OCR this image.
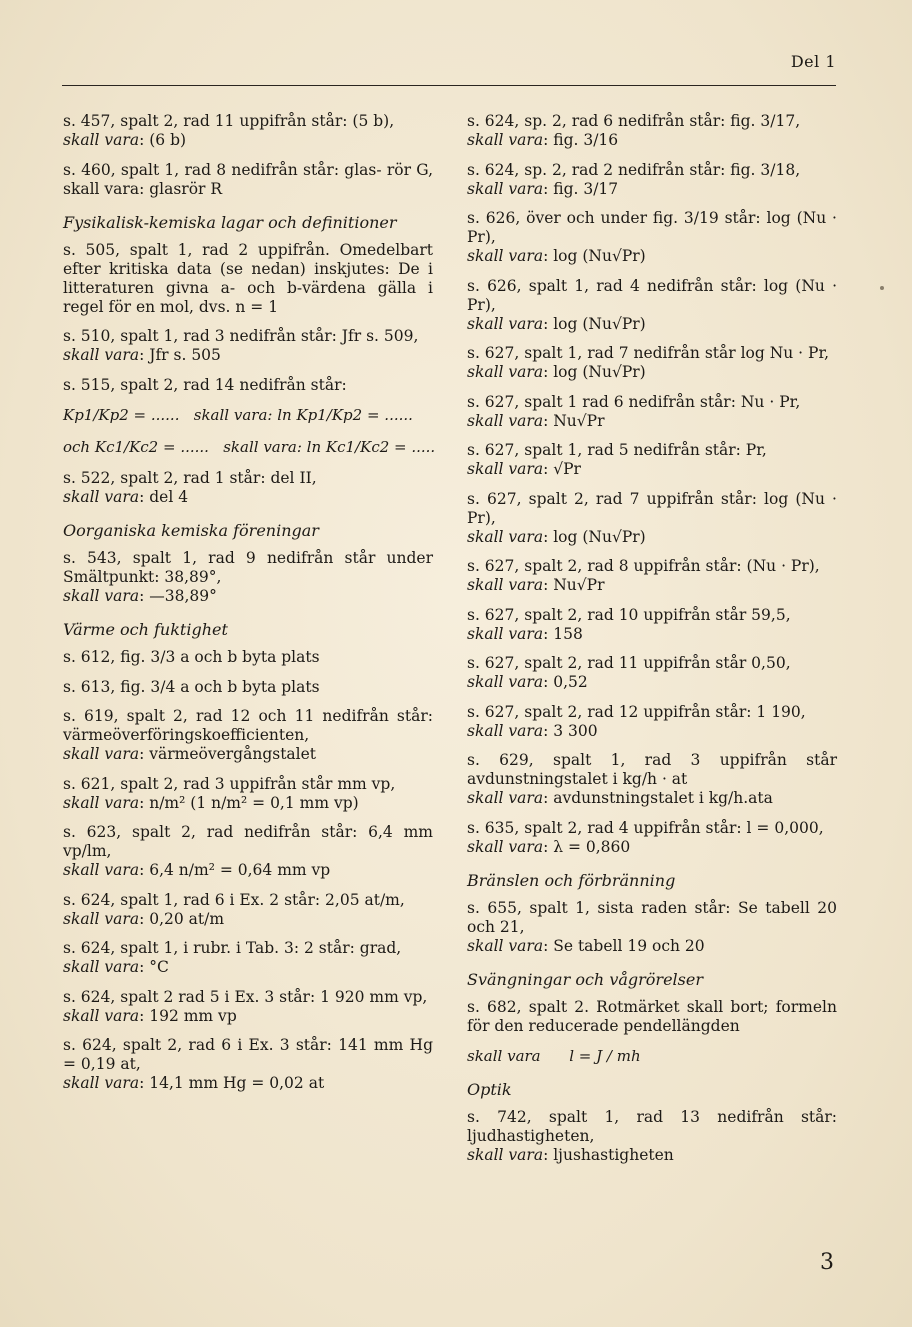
Del 1
s. 457, spalt 2, rad 11 uppifrån står: (5 b),
skall vara: (6 b)
s. 460, spalt 1, rad 8 nedifrån står: glas- rör G, skall vara: glasrör R
Fysikalisk-kemiska lagar och definitioner
s. 505, spalt 1, rad 2 uppifrån. Omedelbart efter kritiska data (se nedan) inskjutes: De i litteraturen givna a- och b-värdena gälla i regel för en mol, dvs. n = 1
s. 510, spalt 1, rad 3 nedifrån står: Jfr s. 509,
skall vara: Jfr s. 505
s. 515, spalt 2, rad 14 nedifrån står:
Kp1/Kp2 = ......   skall vara: ln Kp1/Kp2 = ......
och Kc1/Kc2 = ......   skall vara: ln Kc1/Kc2 = .....
s. 522, spalt 2, rad 1 står: del II,
skall vara: del 4
Oorganiska kemiska föreningar
s. 543, spalt 1, rad 9 nedifrån står under Smältpunkt: 38,89°,
skall vara: —38,89°
Värme och fuktighet
s. 612, fig. 3/3 a och b byta plats
s. 613, fig. 3/4 a och b byta plats
s. 619, spalt 2, rad 12 och 11 nedifrån står: värmeöverföringskoefficienten,
skall vara: värmeövergångstalet
s. 621, spalt 2, rad 3 uppifrån står mm vp,
skall vara: n/m² (1 n/m² = 0,1 mm vp)
s. 623, spalt 2, rad nedifrån står: 6,4 mm vp/lm,
skall vara: 6,4 n/m² = 0,64 mm vp
s. 624, spalt 1, rad 6 i Ex. 2 står: 2,05 at/m,
skall vara: 0,20 at/m
s. 624, spalt 1, i rubr. i Tab. 3: 2 står: grad,
skall vara: °C
s. 624, spalt 2 rad 5 i Ex. 3 står: 1 920 mm vp,
skall vara: 192 mm vp
s. 624, spalt 2, rad 6 i Ex. 3 står: 141 mm Hg = 0,19 at,
skall vara: 14,1 mm Hg = 0,02 at
s. 624, sp. 2, rad 6 nedifrån står: fig. 3/17,
skall vara: fig. 3/16
s. 624, sp. 2, rad 2 nedifrån står: fig. 3/18,
skall vara: fig. 3/17
s. 626, över och under fig. 3/19 står: log (Nu · Pr),
skall vara: log (Nu√Pr)
s. 626, spalt 1, rad 4 nedifrån står: log (Nu · Pr),
skall vara: log (Nu√Pr)
s. 627, spalt 1, rad 7 nedifrån står log Nu · Pr,
skall vara: log (Nu√Pr)
s. 627, spalt 1 rad 6 nedifrån står: Nu · Pr,
skall vara: Nu√Pr
s. 627, spalt 1, rad 5 nedifrån står: Pr,
skall vara: √Pr
s. 627, spalt 2, rad 7 uppifrån står: log (Nu · Pr),
skall vara: log (Nu√Pr)
s. 627, spalt 2, rad 8 uppifrån står: (Nu · Pr),
skall vara: Nu√Pr
s. 627, spalt 2, rad 10 uppifrån står 59,5,
skall vara: 158
s. 627, spalt 2, rad 11 uppifrån står 0,50,
skall vara: 0,52
s. 627, spalt 2, rad 12 uppifrån står: 1 190,
skall vara: 3 300
s. 629, spalt 1, rad 3 uppifrån står avdunstningstalet i kg/h · at
skall vara: avdunstningstalet i kg/h.ata
s. 635, spalt 2, rad 4 uppifrån står: l = 0,000,
skall vara: λ = 0,860
Bränslen och förbränning
s. 655, spalt 1, sista raden står: Se tabell 20 och 21,
skall vara: Se tabell 19 och 20
Svängningar och vågrörelser
s. 682, spalt 2. Rotmärket skall bort; formeln för den reducerade pendellängden
skall vara      l = J / mh
Optik
s. 742, spalt 1, rad 13 nedifrån står: ljudhastigheten,
skall vara: ljushastigheten
3
